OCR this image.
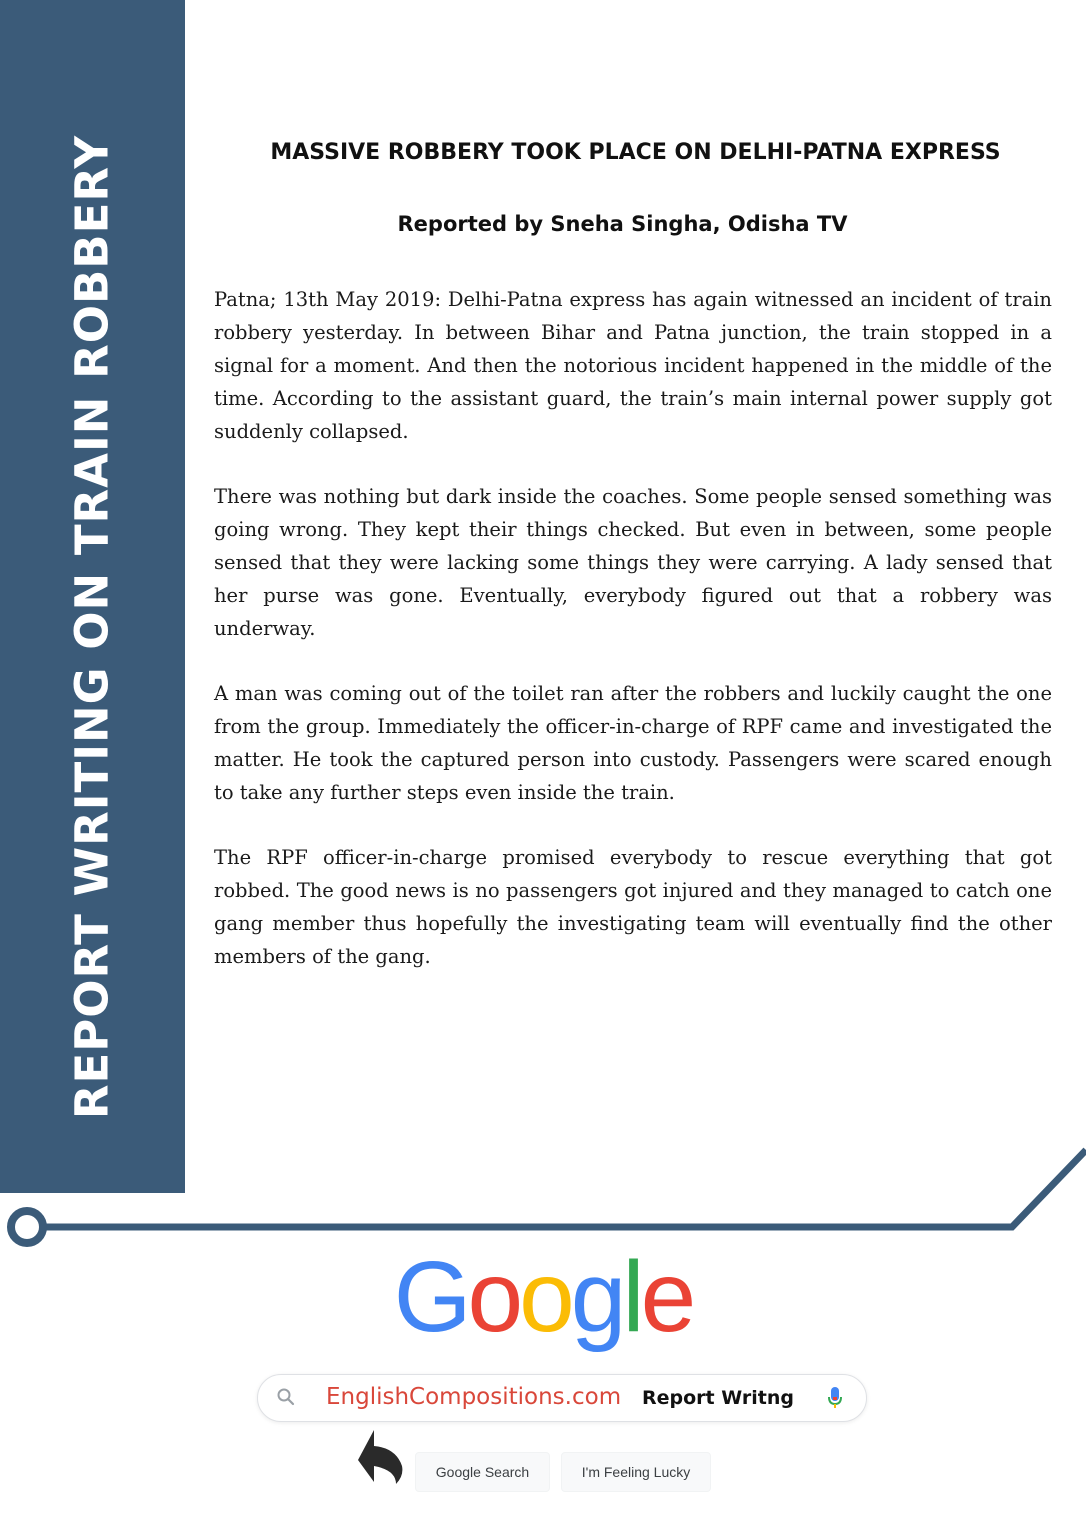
REPORT WRITING ON TRAIN ROBBERY	MASSIVE ROBBERY TOOK PLACE ON DELHI-PATNA EXPRESS
Reported by Sneha Singha, Odisha TV

Patna; 13th May 2019: Delhi-Patna express has again witnessed an incident of train robbery yesterday. In between Bihar and Patna junction, the train stopped in a signal for a moment. And then the notorious incident happened in the middle of the time. According to the assistant guard, the train’s main internal power supply got suddenly collapsed.

There was nothing but dark inside the coaches. Some people sensed something was going wrong. They kept their things checked. But even in between, some people sensed that they were lacking some things they were carrying. A lady sensed that her purse was gone. Eventually, everybody figured out that a robbery was underway.

A man was coming out of the toilet ran after the robbers and luckily caught the one from the group. Immediately the officer-in-charge of RPF came and investigated the matter. He took the captured person into custody. Passengers were scared enough to take any further steps even inside the train.

The RPF officer-in-charge promised everybody to rescue everything that got robbed. The good news is no passengers got injured and they managed to catch one gang member thus hopefully the investigating team will eventually find the other members of the gang.

Google
EnglishCompositions.com Report Writng
Google Search	I'm Feeling Lucky
